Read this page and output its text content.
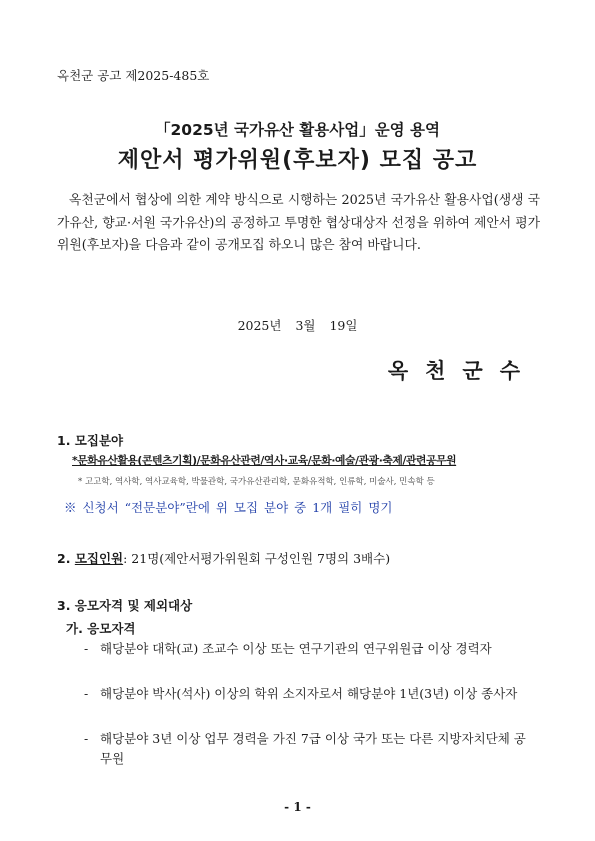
옥천군 공고 제2025-485호
「2025년 국가유산 활용사업」운영 용역
제안서 평가위원(후보자) 모집 공고
옥천군에서 협상에 의한 계약 방식으로 시행하는 2025년 국가유산 활용사업(생생 국가유산, 향교·서원 국가유산)의 공정하고 투명한 협상대상자 선정을 위하여 제안서 평가위원(후보자)을 다음과 같이 공개모집 하오니 많은 참여 바랍니다.
2025년 3월 19일
옥천군수
1. 모집분야
*문화유산활용(콘텐츠기획)/문화유산관련/역사·교육/문화·예술/관광·축제/관련공무원
* 고고학, 역사학, 역사교육학, 박물관학, 국가유산관리학, 문화유적학, 인류학, 미술사, 민속학 등
※ 신청서 “전문분야”란에 위 모집 분야 중 1개 필히 명기
2. 모집인원: 21명(제안서평가위원회 구성인원 7명의 3배수)
3. 응모자격 및 제외대상
가. 응모자격
- 해당분야 대학(교) 조교수 이상 또는 연구기관의 연구위원급 이상 경력자
- 해당분야 박사(석사) 이상의 학위 소지자로서 해당분야 1년(3년) 이상 종사자
- 해당분야 3년 이상 업무 경력을 가진 7급 이상 국가 또는 다른 지방자치단체 공무원
- 1 -
